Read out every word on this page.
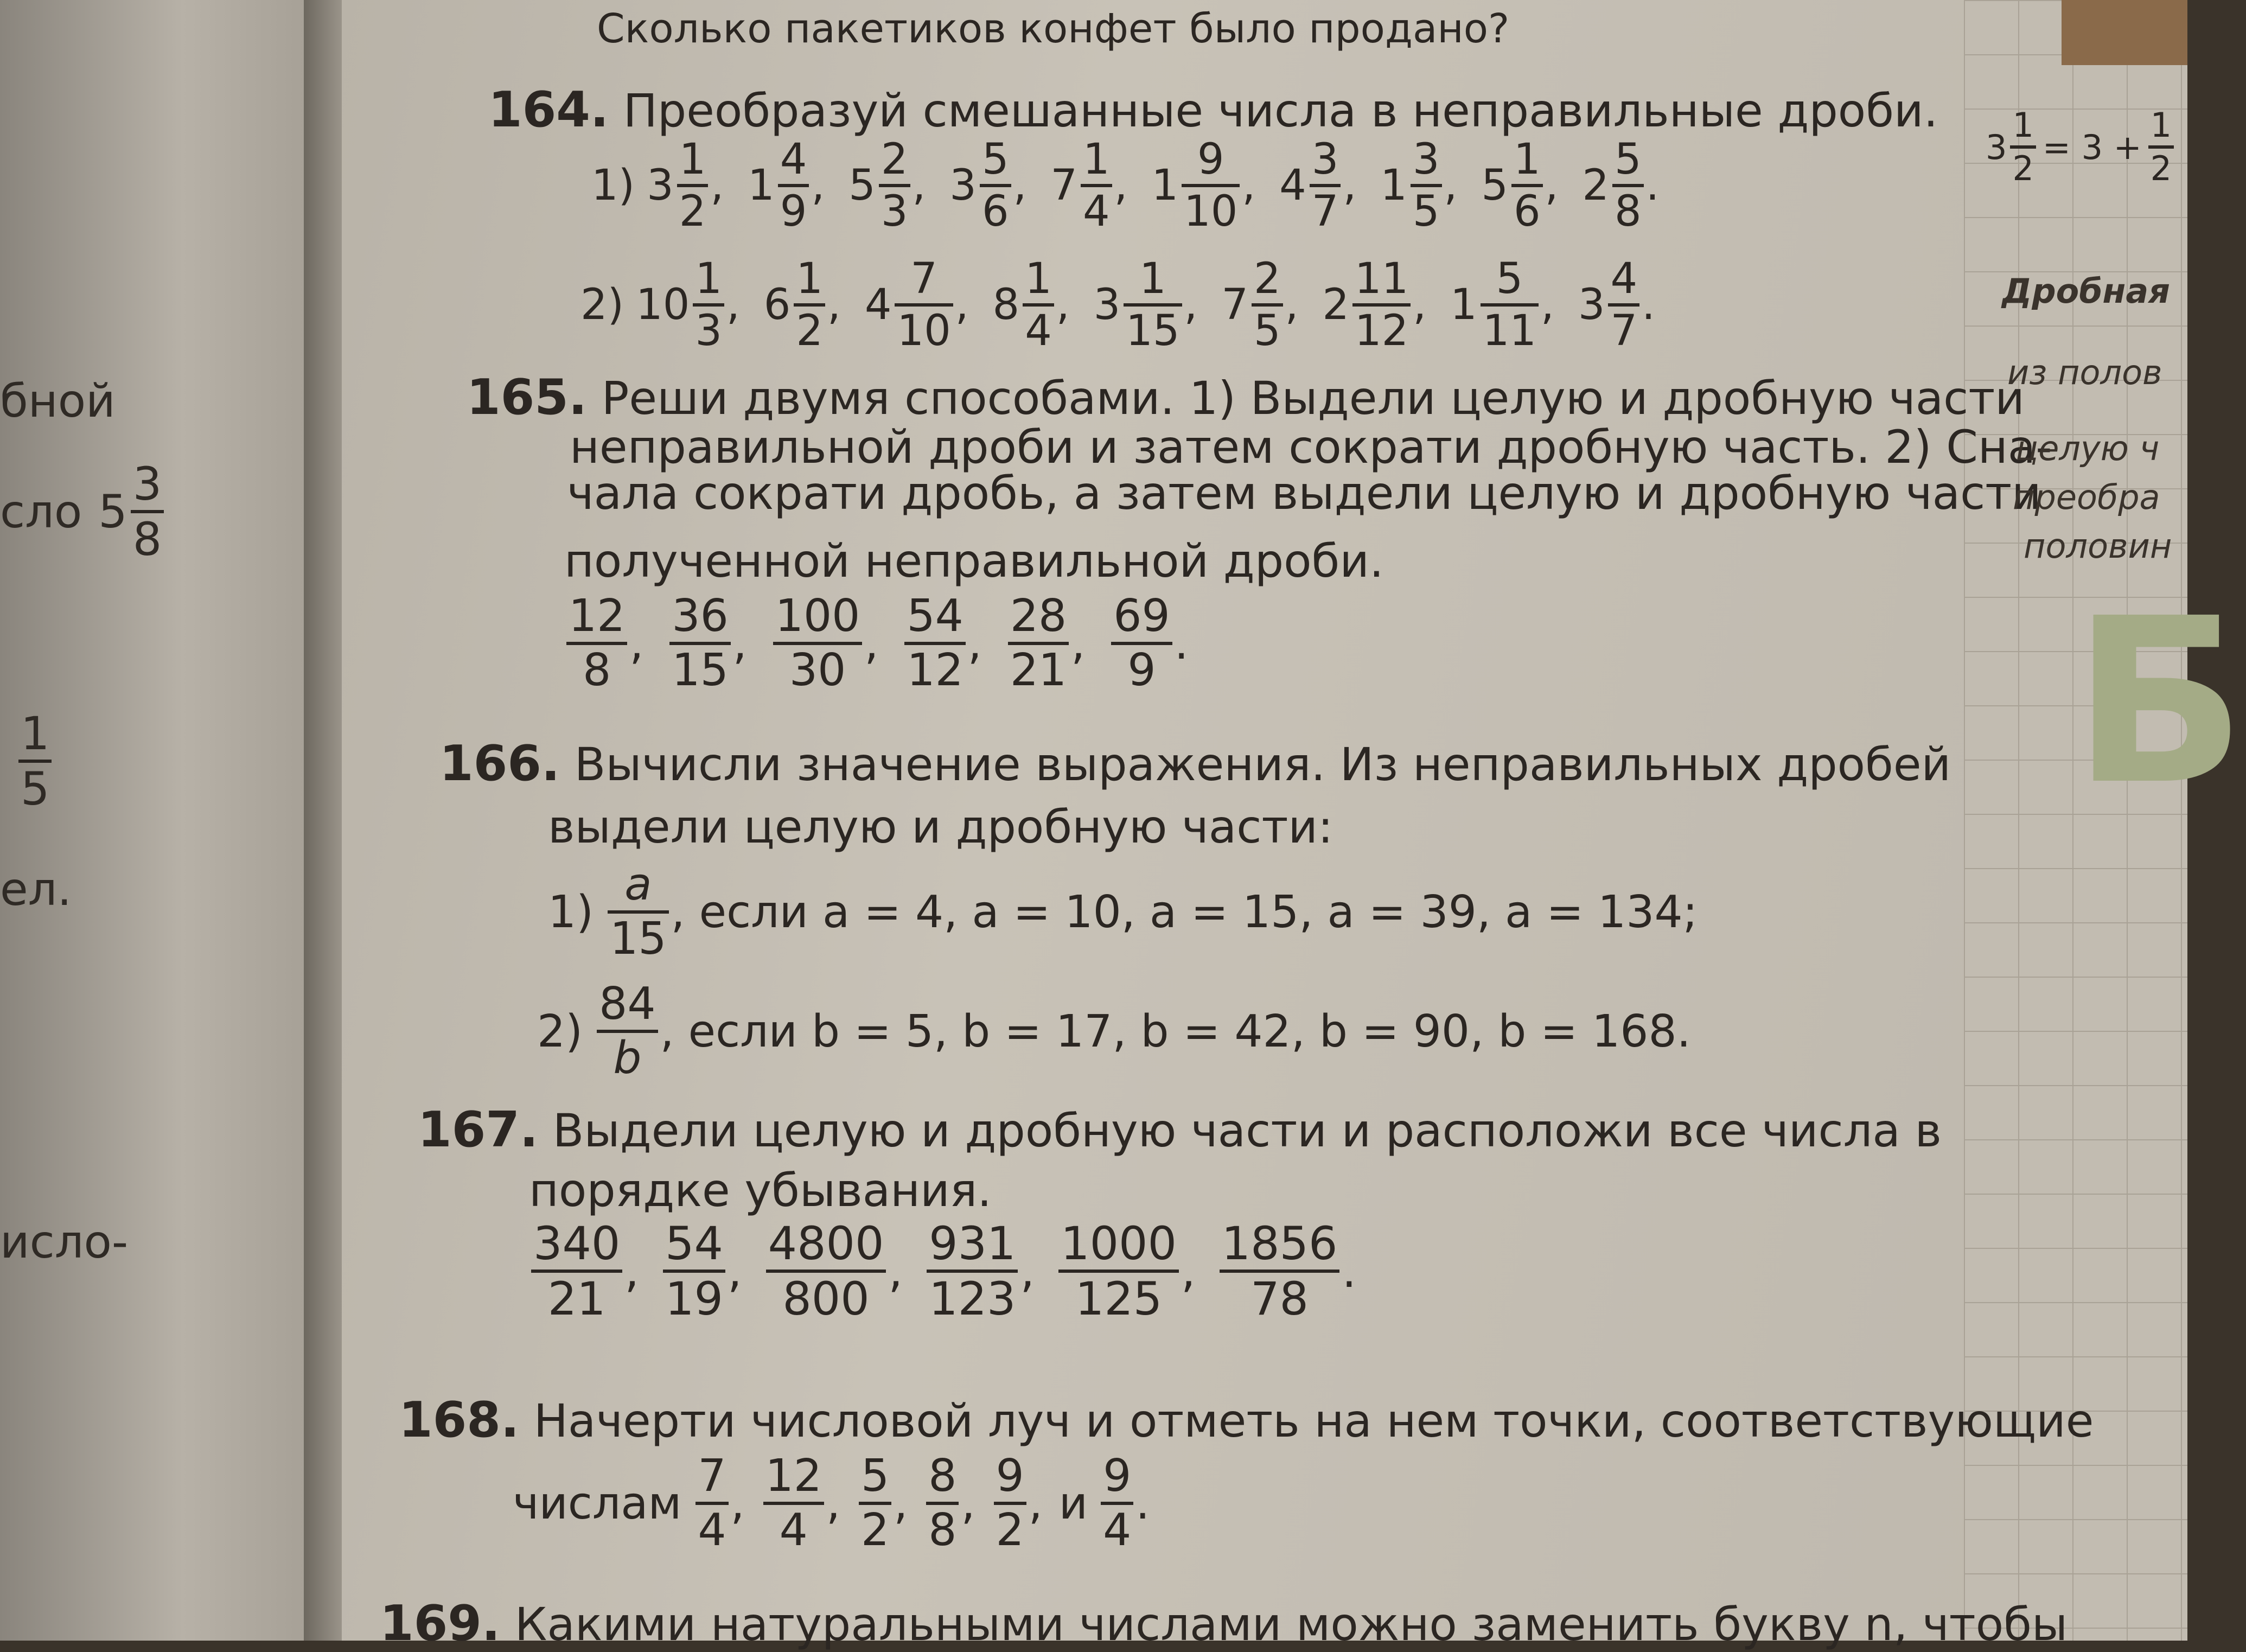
Б
бной
сло 5
3
8
1
5
ел.
исло-
Сколько пакетиков конфет было продано?
164. Преобразуй смешанные числа в неправильные дроби.
1) 3
1
2
, 1
4
9
, 5
2
3
, 3
5
6
, 7
1
4
, 1
9
10
, 4
3
7
, 1
3
5
, 5
1
6
, 2
5
8
.
2) 10
1
3
, 6
1
2
, 4
7
10
, 8
1
4
, 3
1
15
, 7
2
5
, 2
11
12
, 1
5
11
, 3
4
7
.
165. Реши двумя способами. 1) Выдели целую и дробную части
неправильной дроби и затем сократи дробную часть. 2) Сна-
чала сократи дробь, а затем выдели целую и дробную части
полученной неправильной дроби.
12
8
,
36
15
,
100
30
,
54
12
,
28
21
,
69
9
.
166. Вычисли значение выражения. Из неправильных дробей
выдели целую и дробную части:
1)
a
15
, если a = 4, a = 10, a = 15, a = 39, a = 134;
2)
84
b
, если b = 5, b = 17, b = 42, b = 90, b = 168.
167. Выдели целую и дробную части и расположи все числа в
порядке убывания.
340
21
,
54
19
,
4800
800
,
931
123
,
1000
125
,
1856
78
.
168. Начерти числовой луч и отметь на нем точки, соответствующие
числам
7
4
,
12
4
,
5
2
,
8
8
,
9
2
, и
9
4
.
169. Какими натуральными числами можно заменить букву n, чтобы
3
1
2
= 3 +
1
2
Дробная
из полов
целую ч
преобра
половин
